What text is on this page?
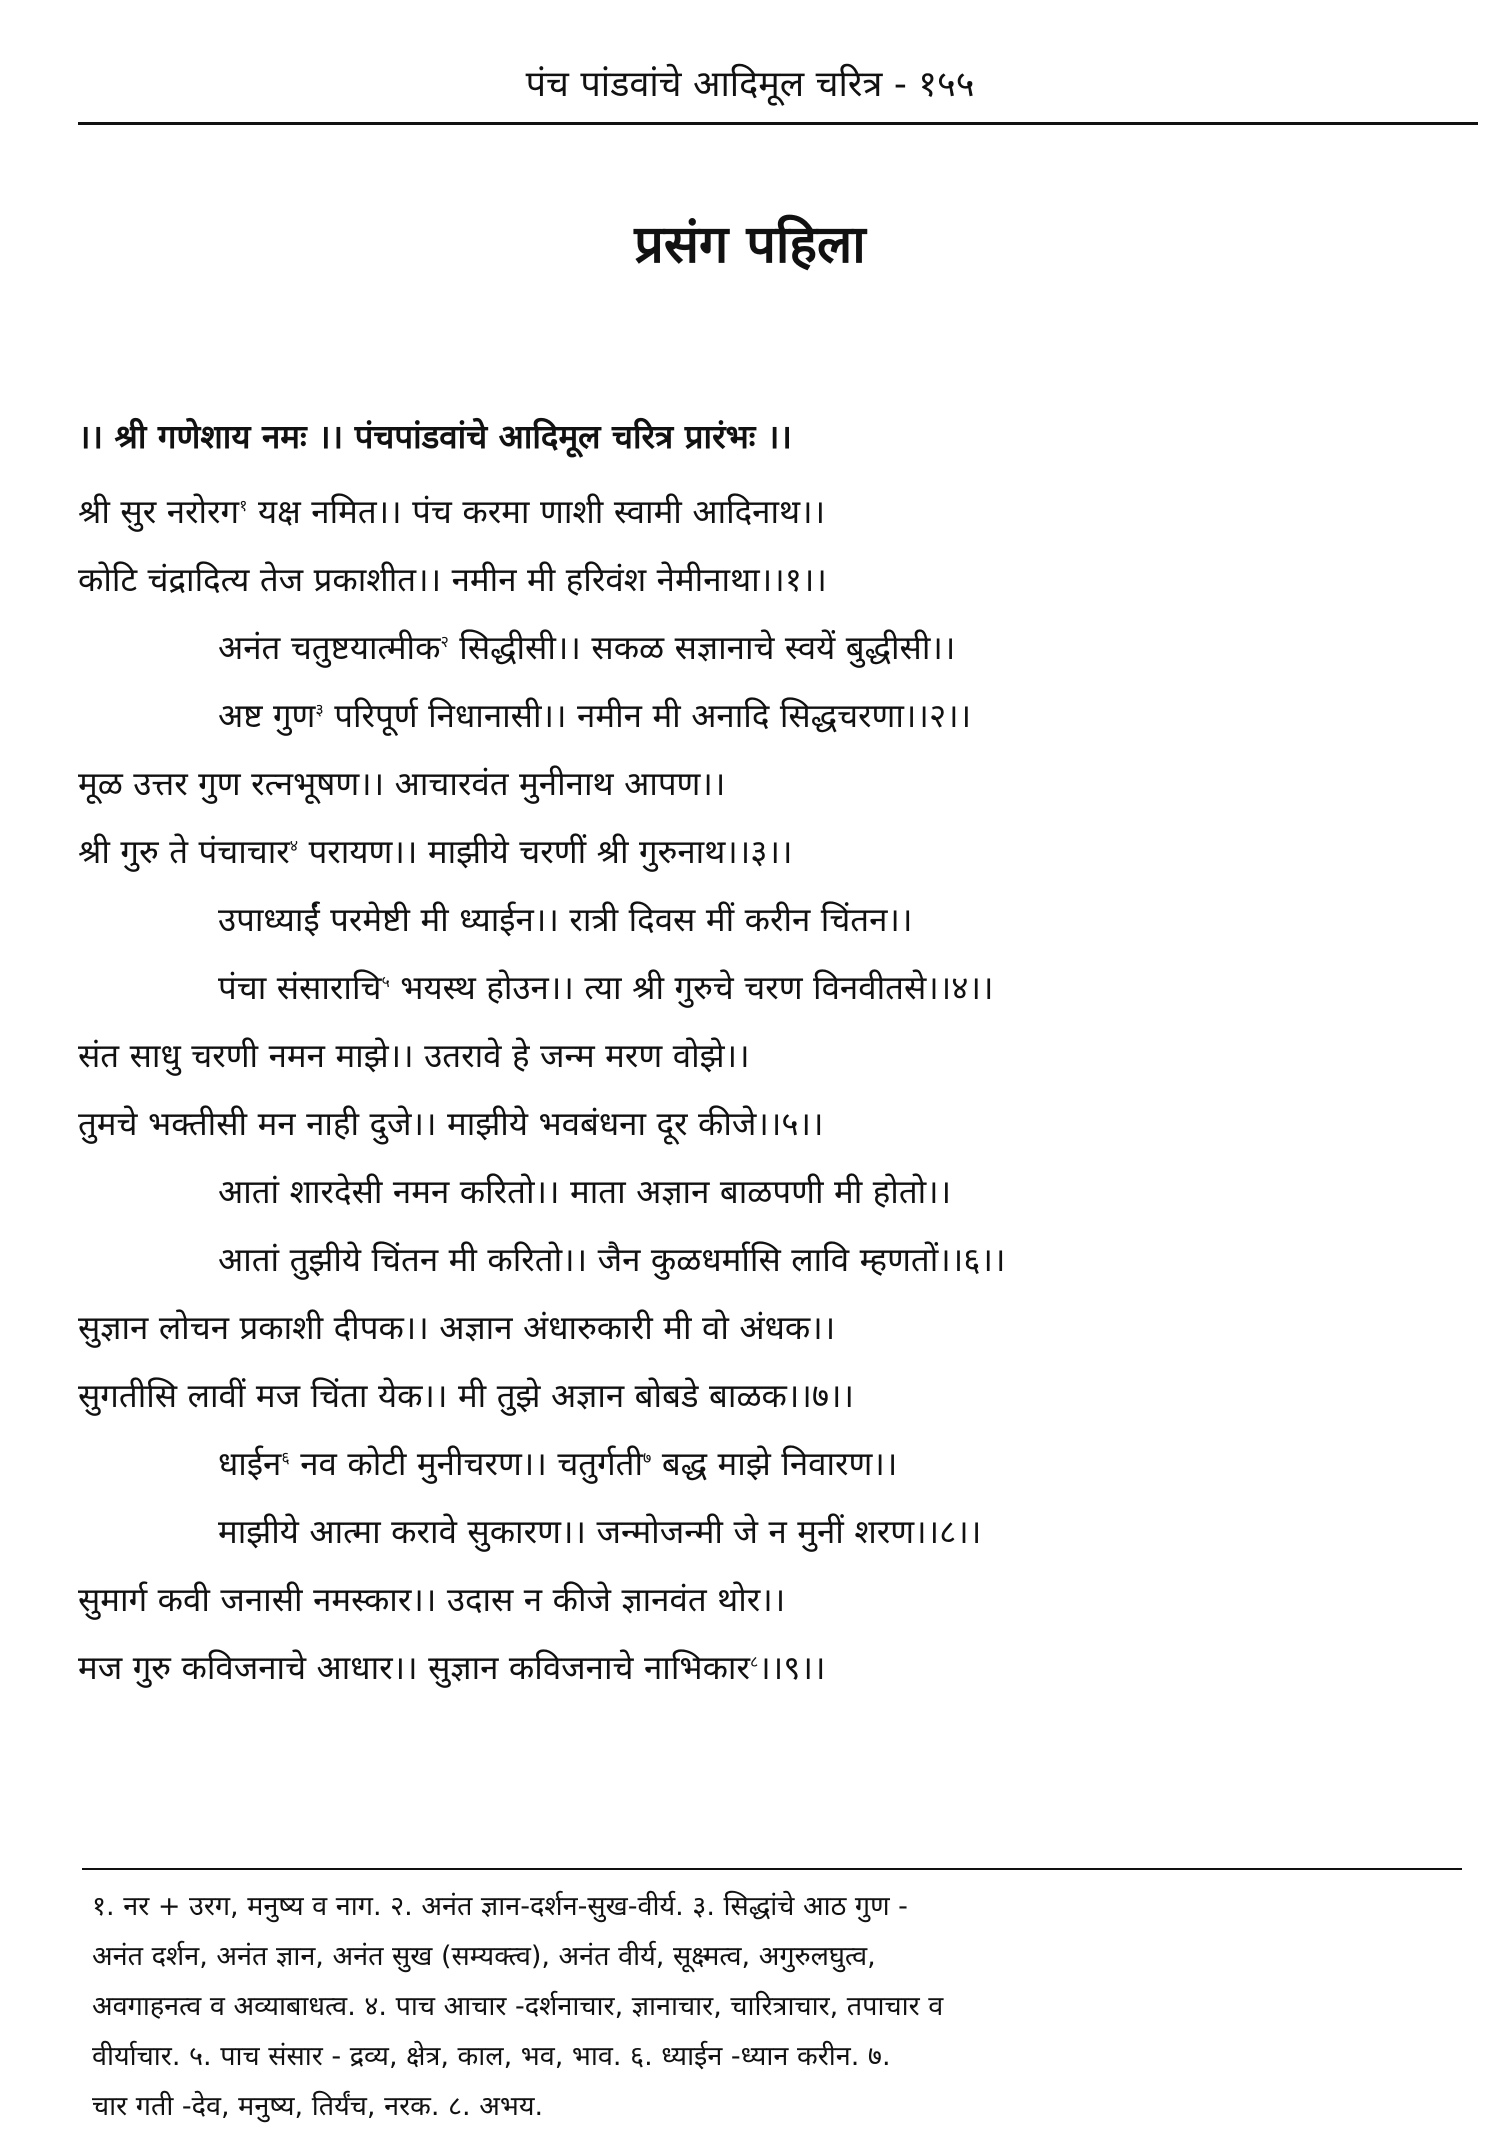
पंच पांडवांचे आदिमूल चरित्र - १५५
प्रसंग पहिला
।। श्री गणेशाय नमः ।। पंचपांडवांचे आदिमूल चरित्र प्रारंभः ।।
श्री सुर नरोरग$^१$ यक्ष नमित।। पंच करमा णाशी स्वामी आदिनाथ।।
कोटि चंद्रादित्य तेज प्रकाशीत।। नमीन मी हरिवंश नेमीनाथा।।१।।
अनंत चतुष्टयात्मीक$^२$ सिद्धीसी।। सकळ सज्ञानाचे स्वयें बुद्धीसी।।
अष्ट गुण$^३$ परिपूर्ण निधानासी।। नमीन मी अनादि सिद्धचरणा।।२।।
मूळ उत्तर गुण रत्नभूषण।। आचारवंत मुनीनाथ आपण।।
श्री गुरु ते पंचाचार$^४$ परायण।। माझीये चरणीं श्री गुरुनाथ।।३।।
उपाध्याईं परमेष्टी मी ध्याईन।। रात्री दिवस मीं करीन चिंतन।।
पंचा संसाराचि$^५$ भयस्थ होउन।। त्या श्री गुरुचे चरण विनवीतसे।।४।।
संत साधु चरणी नमन माझे।। उतरावे हे जन्म मरण वोझे।।
तुमचे भक्तीसी मन नाही दुजे।। माझीये भवबंधना दूर कीजे।।५।।
आतां शारदेसी नमन करितो।। माता अज्ञान बाळपणी मी होतो।।
आतां तुझीये चिंतन मी करितो।। जैन कुळधर्मासि लावि म्हणतों।।६।।
सुज्ञान लोचन प्रकाशी दीपक।। अज्ञान अंधारुकारी मी वो अंधक।।
सुगतीसि लावीं मज चिंता येक।। मी तुझे अज्ञान बोबडे बाळक।।७।।
धाईन$^६$ नव कोटी मुनीचरण।। चतुर्गती$^७$ बद्ध माझे निवारण।।
माझीये आत्मा करावे सुकारण।। जन्मोजन्मी जे न मुनीं शरण।।८।।
सुमार्ग कवी जनासी नमस्कार।। उदास न कीजे ज्ञानवंत थोर।।
मज गुरु कविजनाचे आधार।। सुज्ञान कविजनाचे नाभिकार$^८$।।९।।

१. नर + उरग, मनुष्य व नाग. २. अनंत ज्ञान-दर्शन-सुख-वीर्य. ३. सिद्धांचे आठ गुण -

अनंत दर्शन, अनंत ज्ञान, अनंत सुख (सम्यक्त्व), अनंत वीर्य, सूक्ष्मत्व, अगुरुलघुत्व,

अवगाहनत्व व अव्याबाधत्व. ४. पाच आचार -दर्शनाचार, ज्ञानाचार, चारित्राचार, तपाचार व

वीर्याचार. ५. पाच संसार - द्रव्य, क्षेत्र, काल, भव, भाव. ६. ध्याईन -ध्यान करीन. ७.

चार गती -देव, मनुष्य, तिर्यंच, नरक. ८. अभय.
